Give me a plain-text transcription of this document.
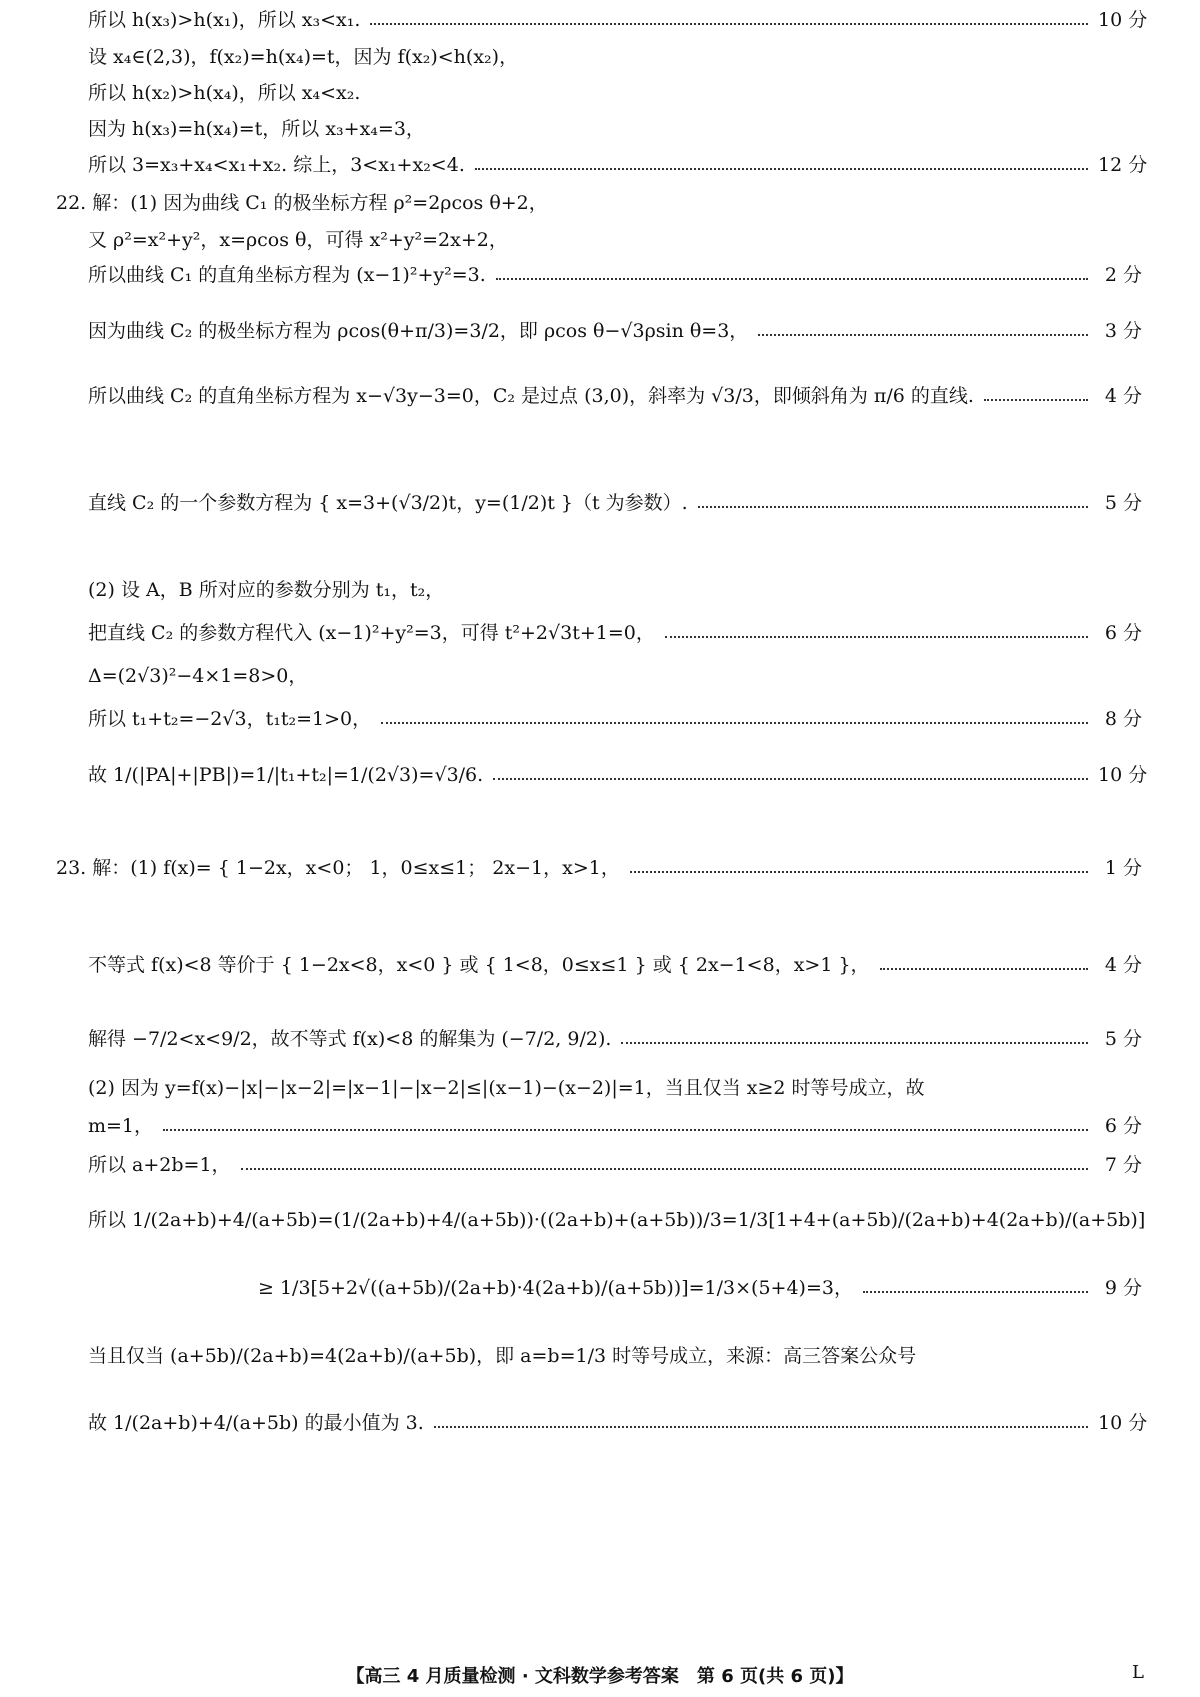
所以 h(x₃)>h(x₁)，所以 x₃<x₁.	10 分
设 x₄∈(2,3)，f(x₂)=h(x₄)=t，因为 f(x₂)<h(x₂)，
所以 h(x₂)>h(x₄)，所以 x₄<x₂.
因为 h(x₃)=h(x₄)=t，所以 x₃+x₄=3，
所以 3=x₃+x₄<x₁+x₂. 综上，3<x₁+x₂<4.	12 分
22. 解：(1) 因为曲线 C₁ 的极坐标方程 ρ²=2ρcos θ+2，
又 ρ²=x²+y²，x=ρcos θ，可得 x²+y²=2x+2，
所以曲线 C₁ 的直角坐标方程为 (x−1)²+y²=3.	2 分
因为曲线 C₂ 的极坐标方程为 ρcos(θ+π/3)=3/2，即 ρcos θ−√3ρsin θ=3，	3 分
所以曲线 C₂ 的直角坐标方程为 x−√3y−3=0，C₂ 是过点 (3,0)，斜率为 √3/3，即倾斜角为 π/6 的直线.	4 分
直线 C₂ 的一个参数方程为 { x=3+(√3/2)t，y=(1/2)t }（t 为参数）.	5 分
(2) 设 A，B 所对应的参数分别为 t₁，t₂，
把直线 C₂ 的参数方程代入 (x−1)²+y²=3，可得 t²+2√3t+1=0，	6 分
Δ=(2√3)²−4×1=8>0，
所以 t₁+t₂=−2√3，t₁t₂=1>0，	8 分
故 1/(|PA|+|PB|)=1/|t₁+t₂|=1/(2√3)=√3/6.	10 分
23. 解：(1) f(x)= { 1−2x，x<0； 1，0≤x≤1； 2x−1，x>1，	1 分
不等式 f(x)<8 等价于 { 1−2x<8，x<0 } 或 { 1<8，0≤x≤1 } 或 { 2x−1<8，x>1 }，	4 分
解得 −7/2<x<9/2，故不等式 f(x)<8 的解集为 (−7/2, 9/2).	5 分
(2) 因为 y=f(x)−|x|−|x−2|=|x−1|−|x−2|≤|(x−1)−(x−2)|=1，当且仅当 x≥2 时等号成立，故
m=1，	6 分
所以 a+2b=1，	7 分
所以 1/(2a+b)+4/(a+5b)=(1/(2a+b)+4/(a+5b))·((2a+b)+(a+5b))/3=1/3[1+4+(a+5b)/(2a+b)+4(2a+b)/(a+5b)]
≥ 1/3[5+2√((a+5b)/(2a+b)·4(2a+b)/(a+5b))]=1/3×(5+4)=3，	9 分
当且仅当 (a+5b)/(2a+b)=4(2a+b)/(a+5b)，即 a=b=1/3 时等号成立，来源：高三答案公众号
故 1/(2a+b)+4/(a+5b) 的最小值为 3.	10 分
【高三 4 月质量检测 · 文科数学参考答案　第 6 页(共 6 页)】	L
